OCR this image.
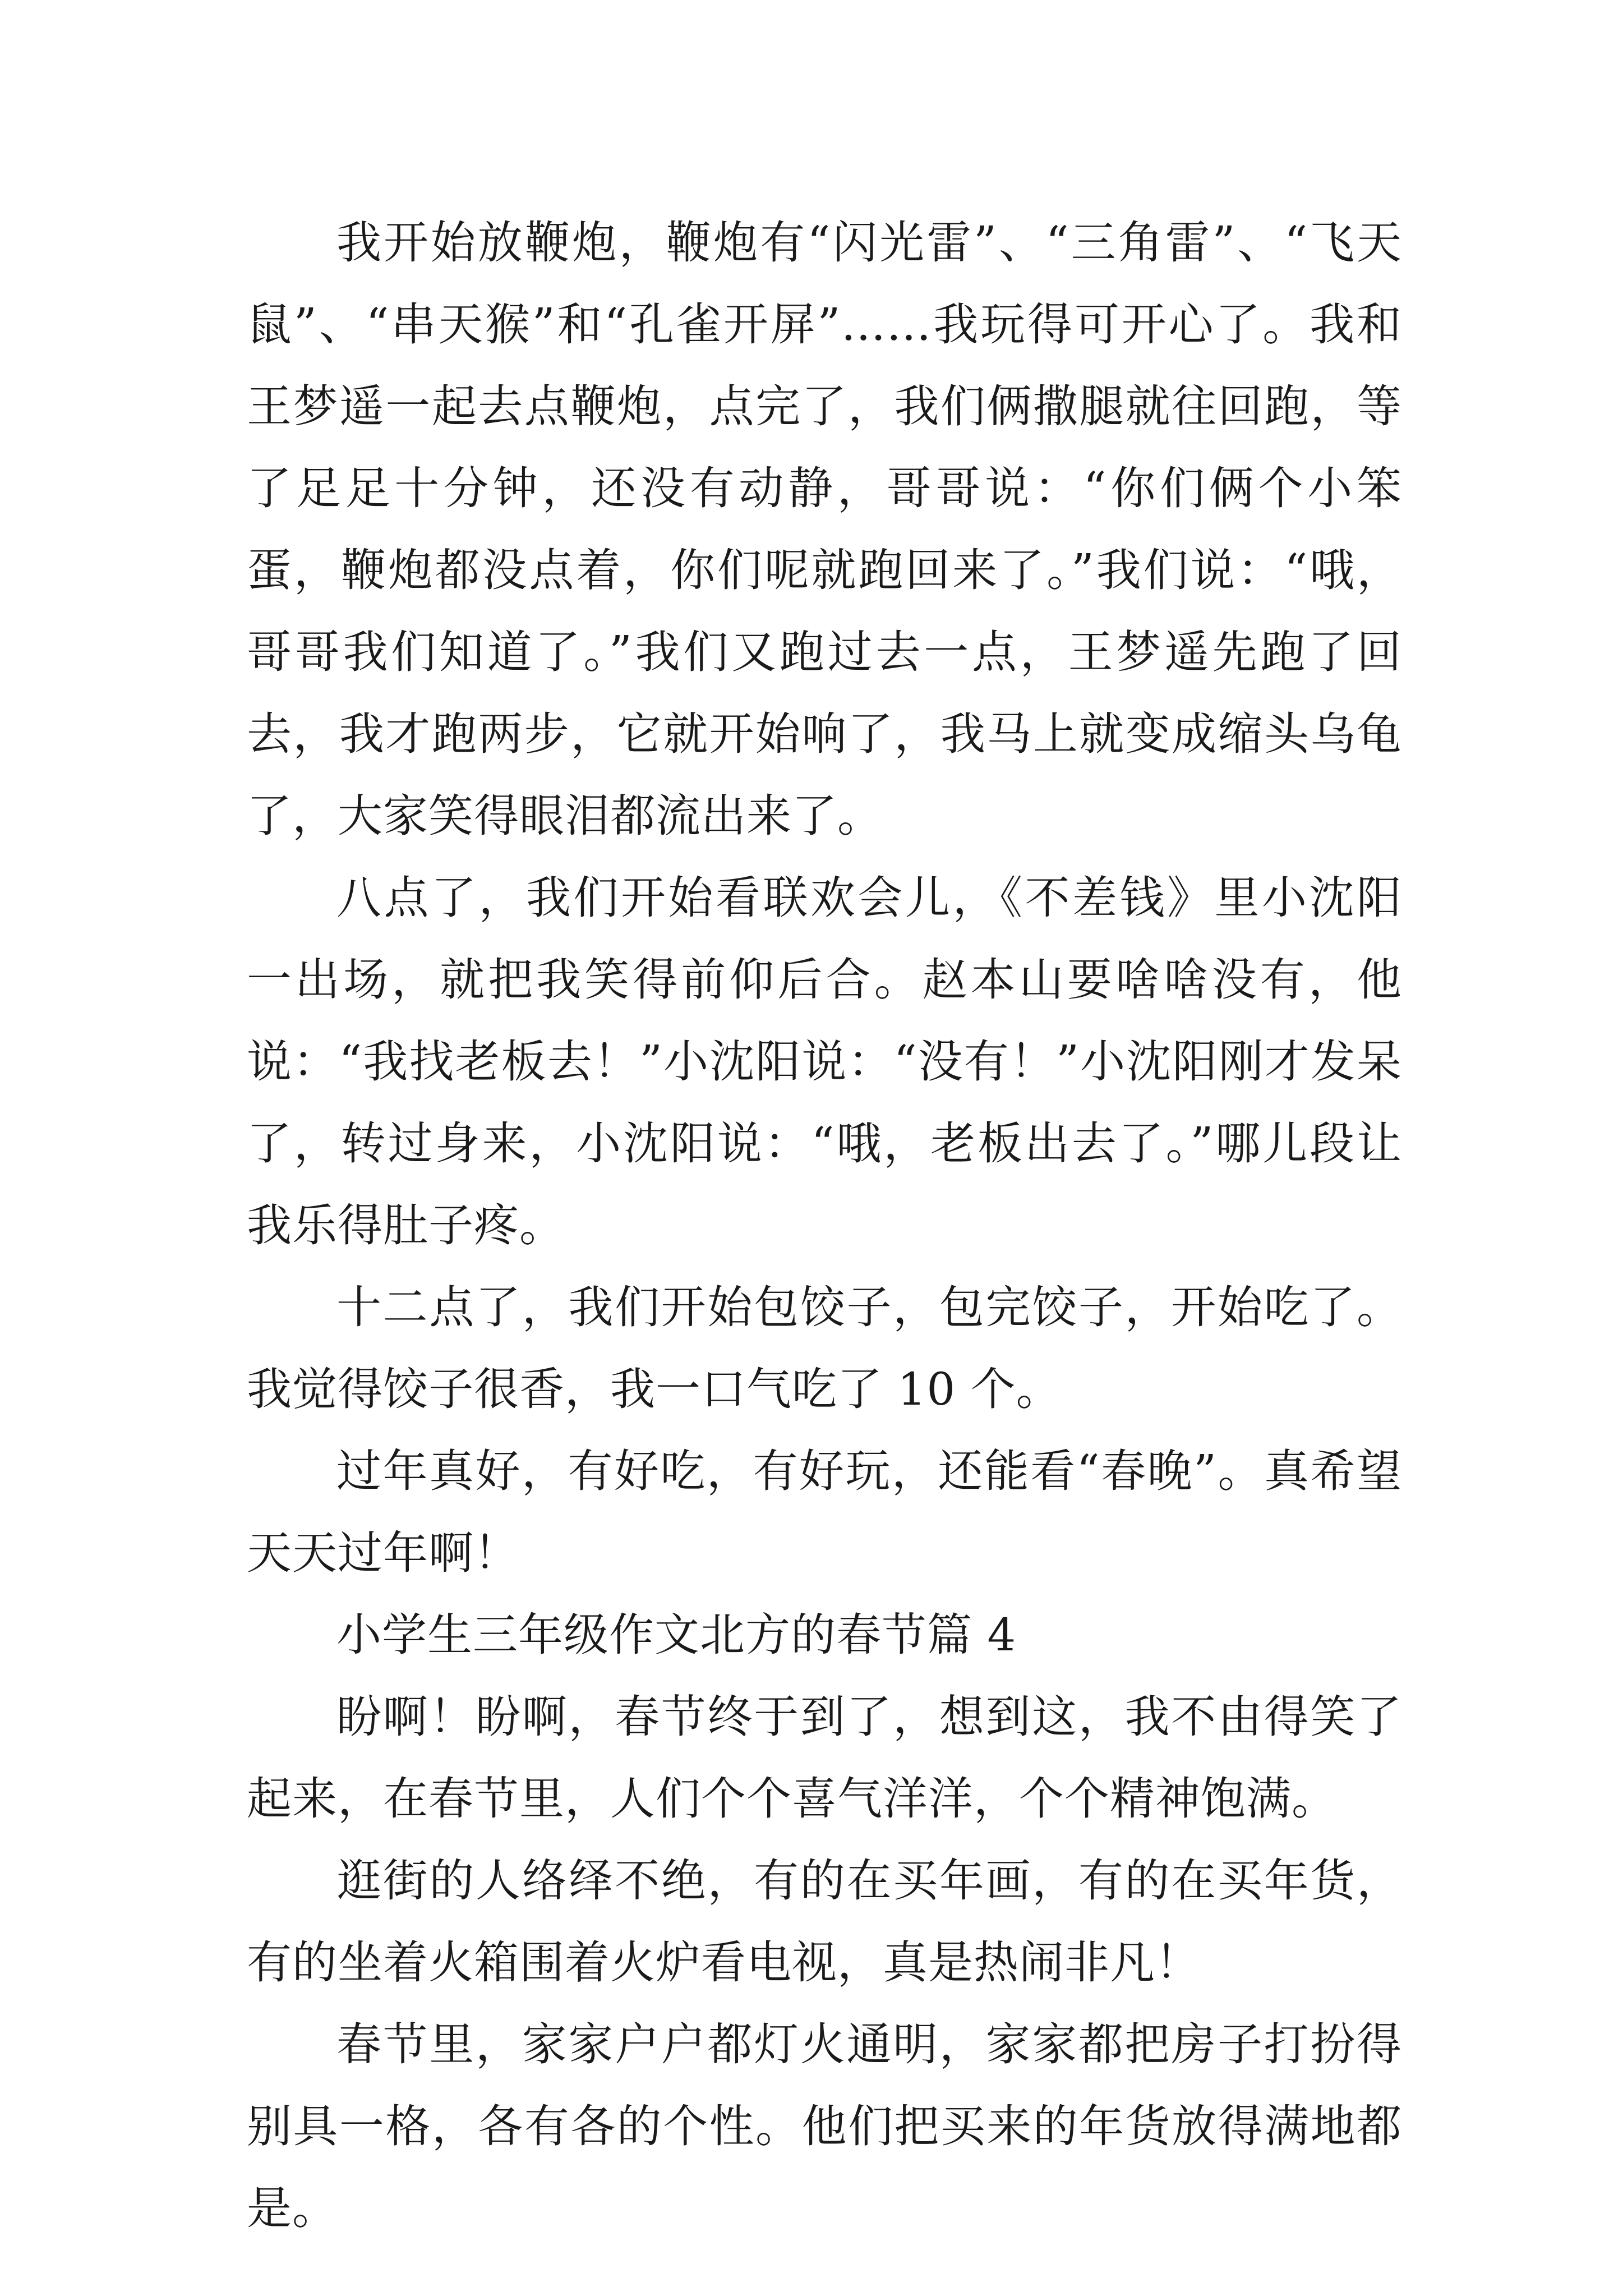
我开始放鞭炮，鞭炮有“闪光雷”、“三角雷”、“飞天鼠”、“串天猴”和“孔雀开屏”……我玩得可开心了。我和王梦遥一起去点鞭炮，点完了，我们俩撒腿就往回跑，等了足足十分钟，还没有动静，哥哥说：“你们俩个小笨蛋，鞭炮都没点着，你们呢就跑回来了。”我们说：“哦，哥哥我们知道了。”我们又跑过去一点，王梦遥先跑了回去，我才跑两步，它就开始响了，我马上就变成缩头乌龟了，大家笑得眼泪都流出来了。

八点了，我们开始看联欢会儿，《不差钱》里小沈阳一出场，就把我笑得前仰后合。赵本山要啥啥没有，他说：“我找老板去！”小沈阳说：“没有！”小沈阳刚才发呆了，转过身来，小沈阳说：“哦，老板出去了。”哪儿段让我乐得肚子疼。

十二点了，我们开始包饺子，包完饺子，开始吃了。我觉得饺子很香，我一口气吃了 10 个。

过年真好，有好吃，有好玩，还能看“春晚”。真希望天天过年啊！

小学生三年级作文北方的春节篇 4

盼啊！盼啊，春节终于到了，想到这，我不由得笑了起来，在春节里，人们个个喜气洋洋，个个精神饱满。

逛街的人络绎不绝，有的在买年画，有的在买年货，有的坐着火箱围着火炉看电视，真是热闹非凡！

春节里，家家户户都灯火通明，家家都把房子打扮得别具一格，各有各的个性。他们把买来的年货放得满地都是。
